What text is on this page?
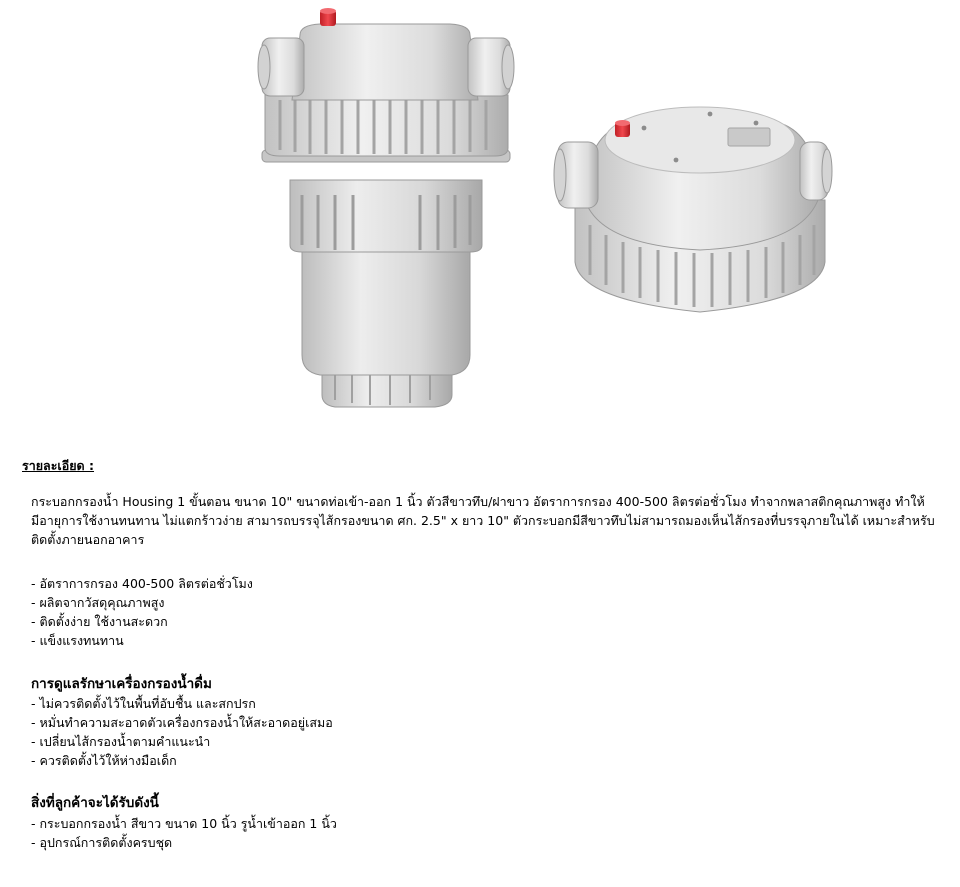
รายละเอียด :

กระบอกกรองน้ำ Housing 1 ขั้นตอน ขนาด 10" ขนาดท่อเข้า-ออก 1 นิ้ว ตัวสีขาวทึบ/ฝาขาว อัตราการกรอง 400-500 ลิตรต่อชั่วโมง ทำจากพลาสติกคุณภาพสูง ทำให้มีอายุการใช้งานทนทาน ไม่แตกร้าวง่าย สามารถบรรจุไส้กรองขนาด ศก. 2.5" x ยาว 10" ตัวกระบอกมีสีขาวทึบไม่สามารถมองเห็นไส้กรองที่บรรจุภายในได้ เหมาะสำหรับติดตั้งภายนอกอาคาร

- อัตราการกรอง 400-500 ลิตรต่อชั่วโมง
- ผลิตจากวัสดุคุณภาพสูง
- ติดตั้งง่าย ใช้งานสะดวก
- แข็งแรงทนทาน
การดูแลรักษาเครื่องกรองน้ำดื่ม
- ไม่ควรติดตั้งไว้ในพื้นที่อับชื้น และสกปรก
- หมั่นทำความสะอาดตัวเครื่องกรองน้ำให้สะอาดอยู่เสมอ
- เปลี่ยนไส้กรองน้ำตามคำแนะนำ
- ควรติดตั้งไว้ให้ห่างมือเด็ก
สิ่งที่ลูกค้าจะได้รับดังนี้
- กระบอกกรองน้ำ สีขาว ขนาด 10 นิ้ว รูน้ำเข้าออก 1 นิ้ว
- อุปกรณ์การติดตั้งครบชุด
